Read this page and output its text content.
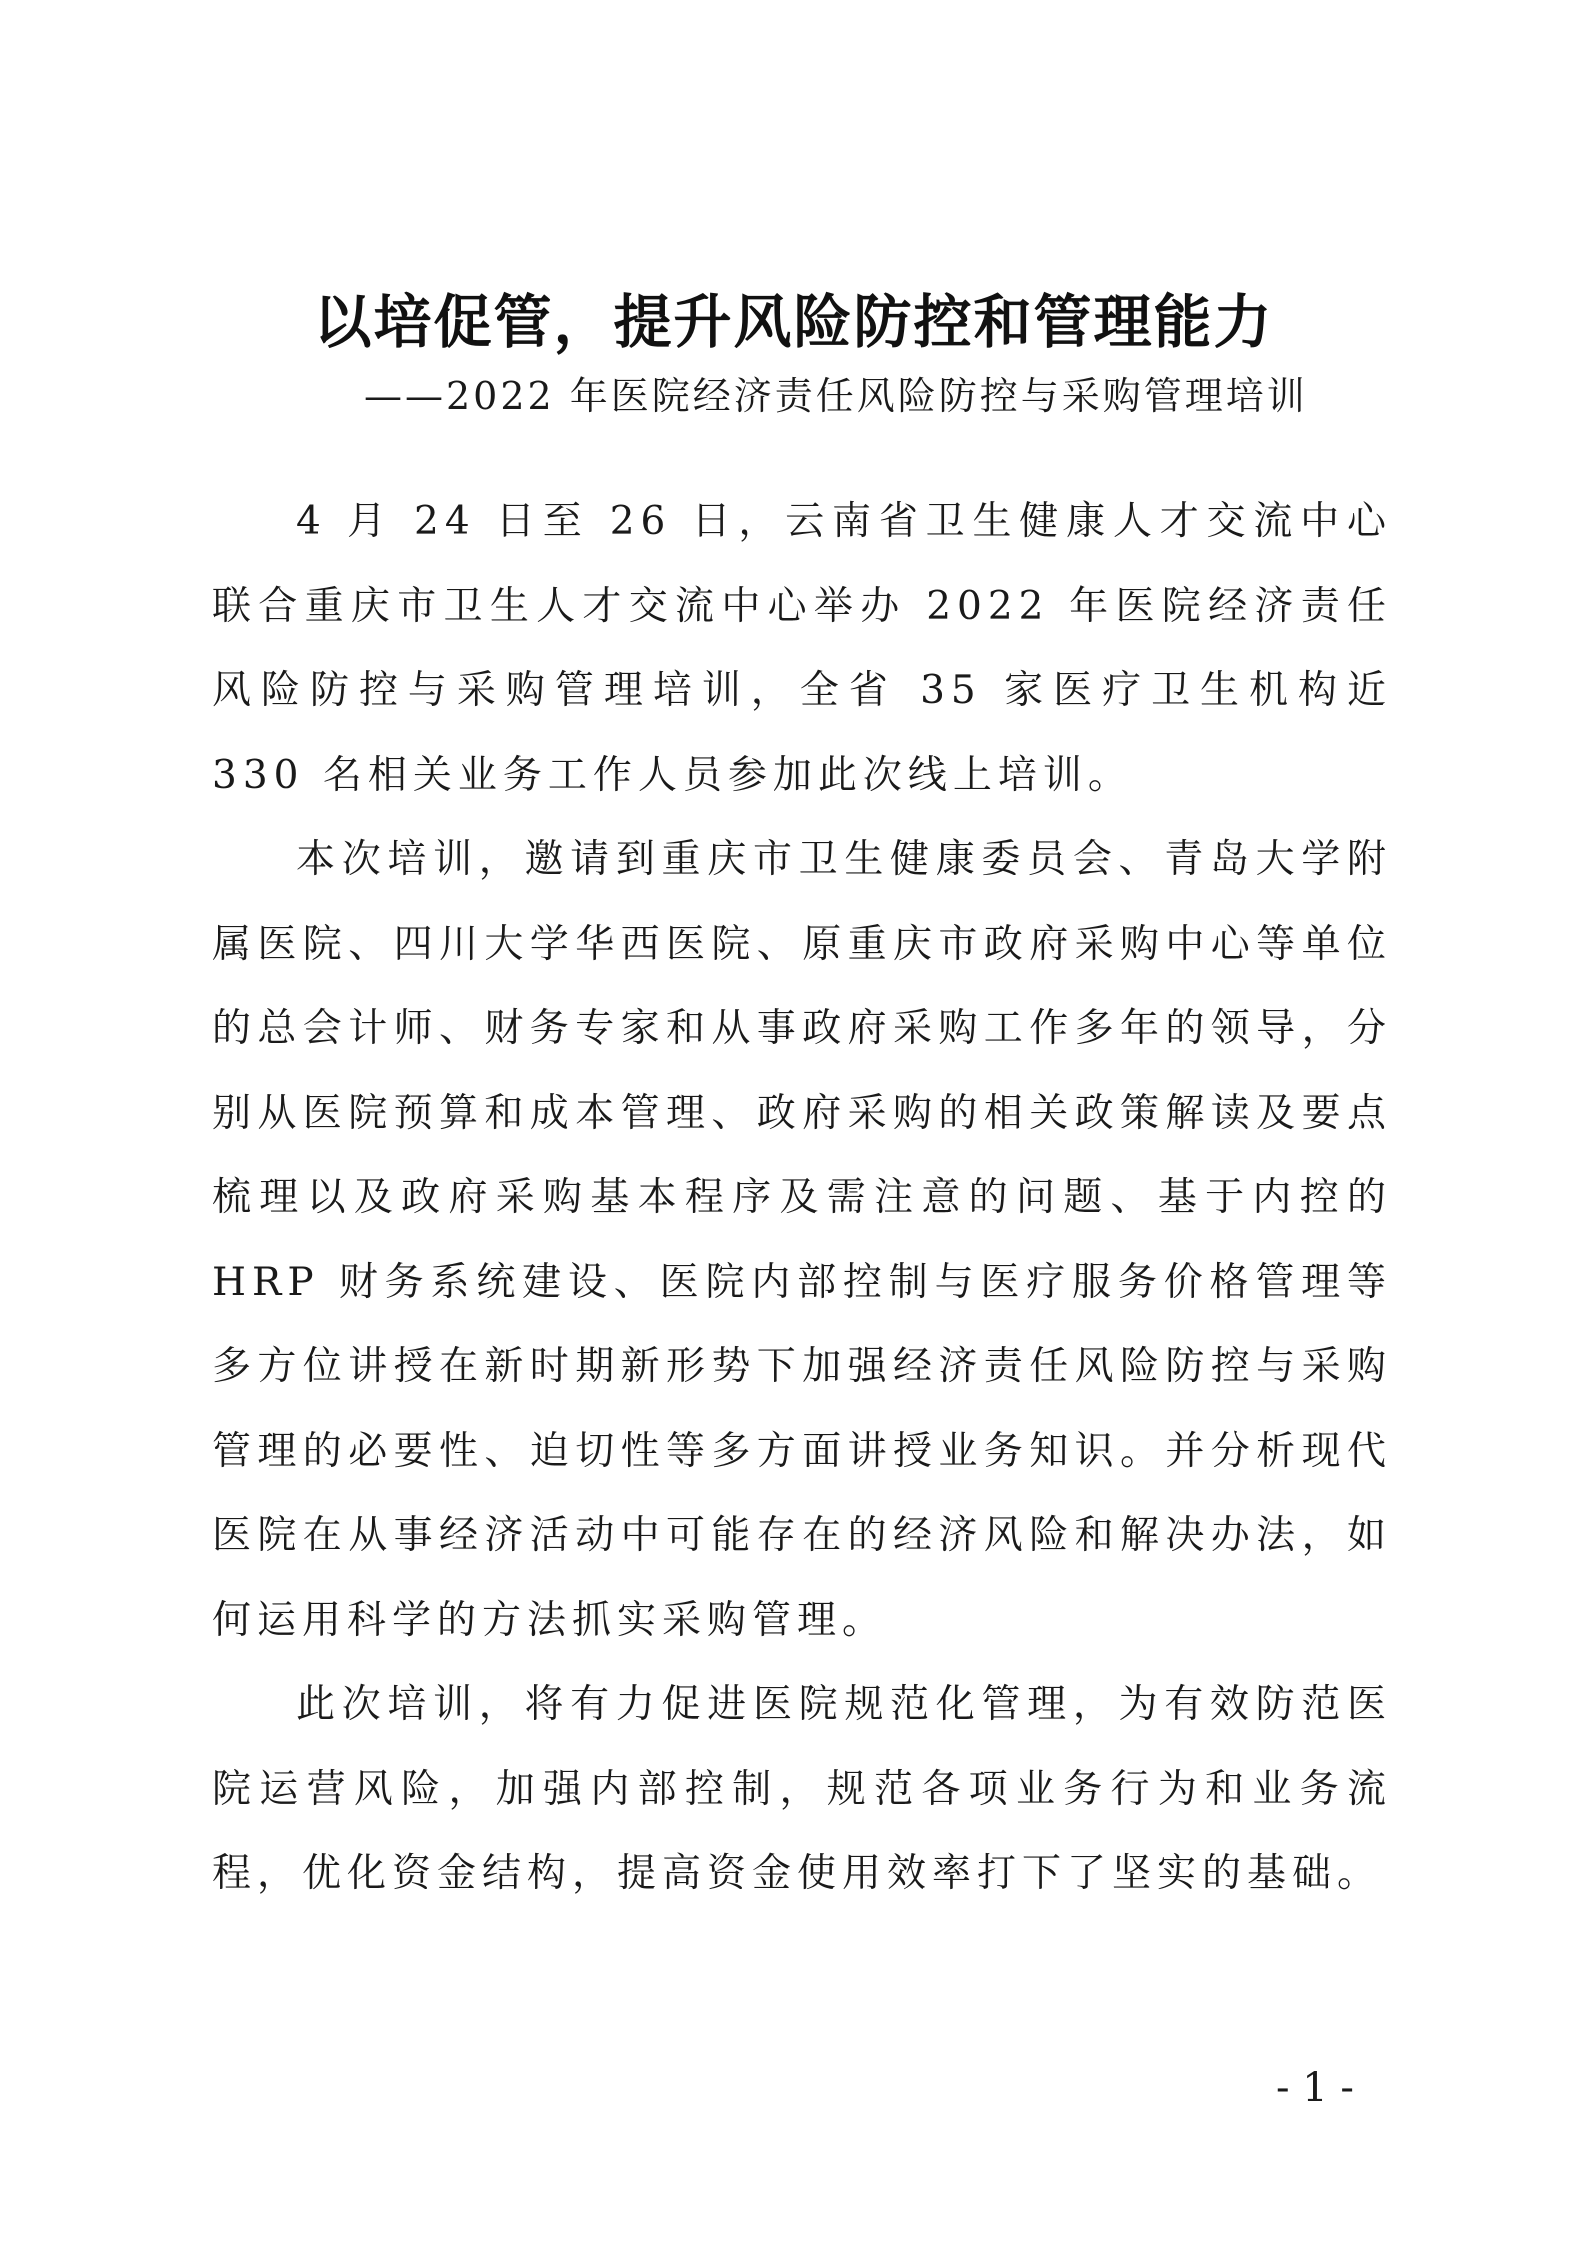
以培促管，提升风险防控和管理能力
——2022 年医院经济责任风险防控与采购管理培训

4 月 24 日至 26 日，云南省卫生健康人才交流中心联合重庆市卫生人才交流中心举办 2022 年医院经济责任风险防控与采购管理培训，全省 35 家医疗卫生机构近 330 名相关业务工作人员参加此次线上培训。

本次培训，邀请到重庆市卫生健康委员会、青岛大学附属医院、四川大学华西医院、原重庆市政府采购中心等单位的总会计师、财务专家和从事政府采购工作多年的领导，分别从医院预算和成本管理、政府采购的相关政策解读及要点梳理以及政府采购基本程序及需注意的问题、基于内控的 HRP 财务系统建设、医院内部控制与医疗服务价格管理等多方位讲授在新时期新形势下加强经济责任风险防控与采购管理的必要性、迫切性等多方面讲授业务知识。并分析现代医院在从事经济活动中可能存在的经济风险和解决办法，如何运用科学的方法抓实采购管理。

此次培训，将有力促进医院规范化管理，为有效防范医院运营风险，加强内部控制，规范各项业务行为和业务流程，优化资金结构，提高资金使用效率打下了坚实的基础。

- 1 -
